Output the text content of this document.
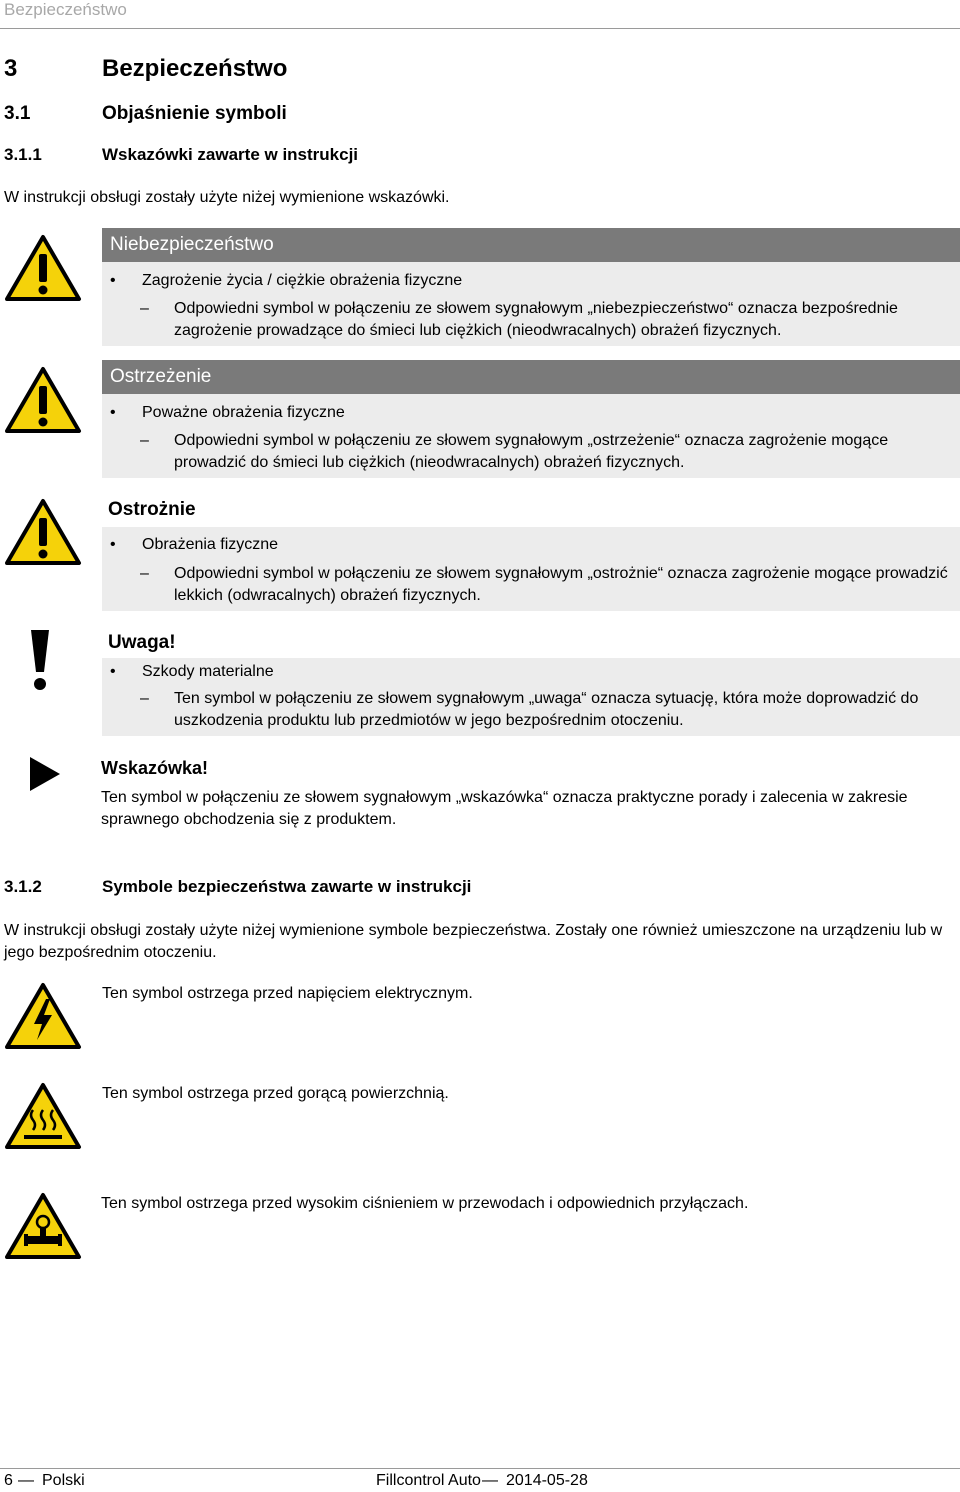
Bezpieczeństwo
3	Bezpieczeństwo
3.1	Objaśnienie symboli
3.1.1	Wskazówki zawarte w instrukcji
W instrukcji obsługi zostały użyte niżej wymienione wskazówki.
Niebezpieczeństwo
• Zagrożenie życia / ciężkie obrażenia fizyczne
–	Odpowiedni symbol w połączeniu ze słowem sygnałowym „niebezpieczeństwo“ oznacza bezpośrednie
zagrożenie prowadzące do śmieci lub ciężkich (nieodwracalnych) obrażeń fizycznych.
Ostrzeżenie
• Poważne obrażenia fizyczne
–	Odpowiedni symbol w połączeniu ze słowem sygnałowym „ostrzeżenie“ oznacza zagrożenie mogące
prowadzić do śmieci lub ciężkich (nieodwracalnych) obrażeń fizycznych.
Ostrożnie
• Obrażenia fizyczne
–	Odpowiedni symbol w połączeniu ze słowem sygnałowym „ostrożnie“ oznacza zagrożenie mogące prowadzić
lekkich (odwracalnych) obrażeń fizycznych.
Uwaga!
• Szkody materialne
–	Ten symbol w połączeniu ze słowem sygnałowym „uwaga“ oznacza sytuację, która może doprowadzić do
uszkodzenia produktu lub przedmiotów w jego bezpośrednim otoczeniu.
Wskazówka!
Ten symbol w połączeniu ze słowem sygnałowym „wskazówka“ oznacza praktyczne porady i zalecenia w zakresie
sprawnego obchodzenia się z produktem.
3.1.2	Symbole bezpieczeństwa zawarte w instrukcji
W instrukcji obsługi zostały użyte niżej wymienione symbole bezpieczeństwa. Zostały one również umieszczone na urządzeniu lub w
jego bezpośrednim otoczeniu.
Ten symbol ostrzega przed napięciem elektrycznym.
Ten symbol ostrzega przed gorącą powierzchnią.
Ten symbol ostrzega przed wysokim ciśnieniem w przewodach i odpowiednich przyłączach.
6 — Polski	Fillcontrol Auto — 2014-05-28
